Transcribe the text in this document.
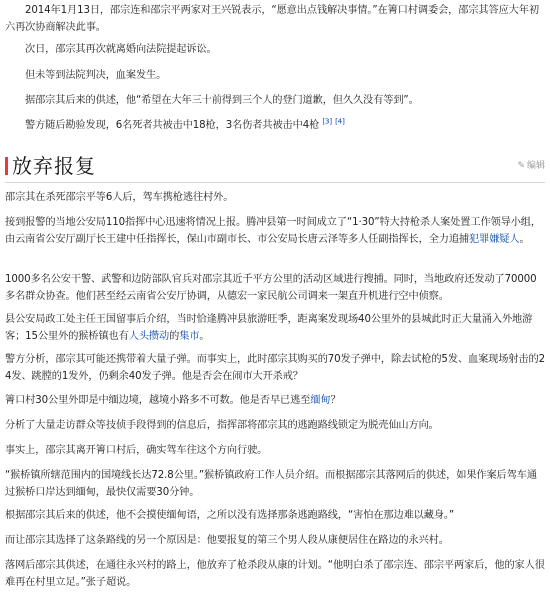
2014年1月13日，邵宗连和邵宗平两家对王兴锐表示，“愿意出点钱解决事情。”在箐口村调委会，邵宗其答应大年初六再次协商解决此事。

次日，邵宗其再次就离婚向法院提起诉讼。

但未等到法院判决，血案发生。

据邵宗其后来的供述，他“希望在大年三十前得到三个人的登门道歉，但久久没有等到”。

警方随后勘验发现，6名死者共被击中18枪，3名伤者共被击中4枪 [3] [4]

放弃报复	✎ 编辑

邵宗其在杀死邵宗平等6人后，驾车携枪逃往村外。

接到报警的当地公安局110指挥中心迅速将情况上报。腾冲县第一时间成立了“1·30”特大持枪杀人案处置工作领导小组，由云南省公安厅副厅长王建中任指挥长，保山市副市长、市公安局长唐云泽等多人任副指挥长，全力追捕犯罪嫌疑人。

1000多名公安干警、武警和边防部队官兵对邵宗其近千平方公里的活动区域进行搜捕。同时，当地政府还发动了70000多名群众协查。他们甚至经云南省公安厅协调，从德宏一家民航公司调来一架直升机进行空中侦察。

县公安局政工处主任王国留事后介绍，当时恰逢腾冲县旅游旺季，距离案发现场40公里外的县城此时正大量涌入外地游客；15公里外的猴桥镇也有人头攒动的集市。

警方分析，邵宗其可能还携带着大量子弹。而事实上，此时邵宗其购买的70发子弹中，除去试枪的5发、血案现场射击的24发、跳膛的1发外，仍剩余40发子弹。他是否会在闹市大开杀戒？

箐口村30公里外即是中缅边境，越境小路多不可数。他是否早已逃至缅甸？

分析了大量走访群众等技侦手段得到的信息后，指挥部将邵宗其的逃跑路线锁定为脱壳仙山方向。

事实上，邵宗其离开箐口村后，确实驾车往这个方向行驶。

“猴桥镇所辖范围内的国境线长达72.8公里。”猴桥镇政府工作人员介绍。而根据邵宗其落网后的供述，如果作案后驾车通过猴桥口岸达到缅甸，最快仅需要30分钟。

根据邵宗其后来的供述，他不会摸使缅甸语，之所以没有选择那条逃跑路线，“害怕在那边难以藏身。”

而让邵宗其选择了这条路线的另一个原因是：他要报复的第三个男人段从康便居住在路边的永兴村。

落网后邵宗其供述，在通往永兴村的路上，他放弃了枪杀段从康的计划。“他明白杀了邵宗连、邵宗平两家后，他的家人很难再在村里立足。”张子超说。
